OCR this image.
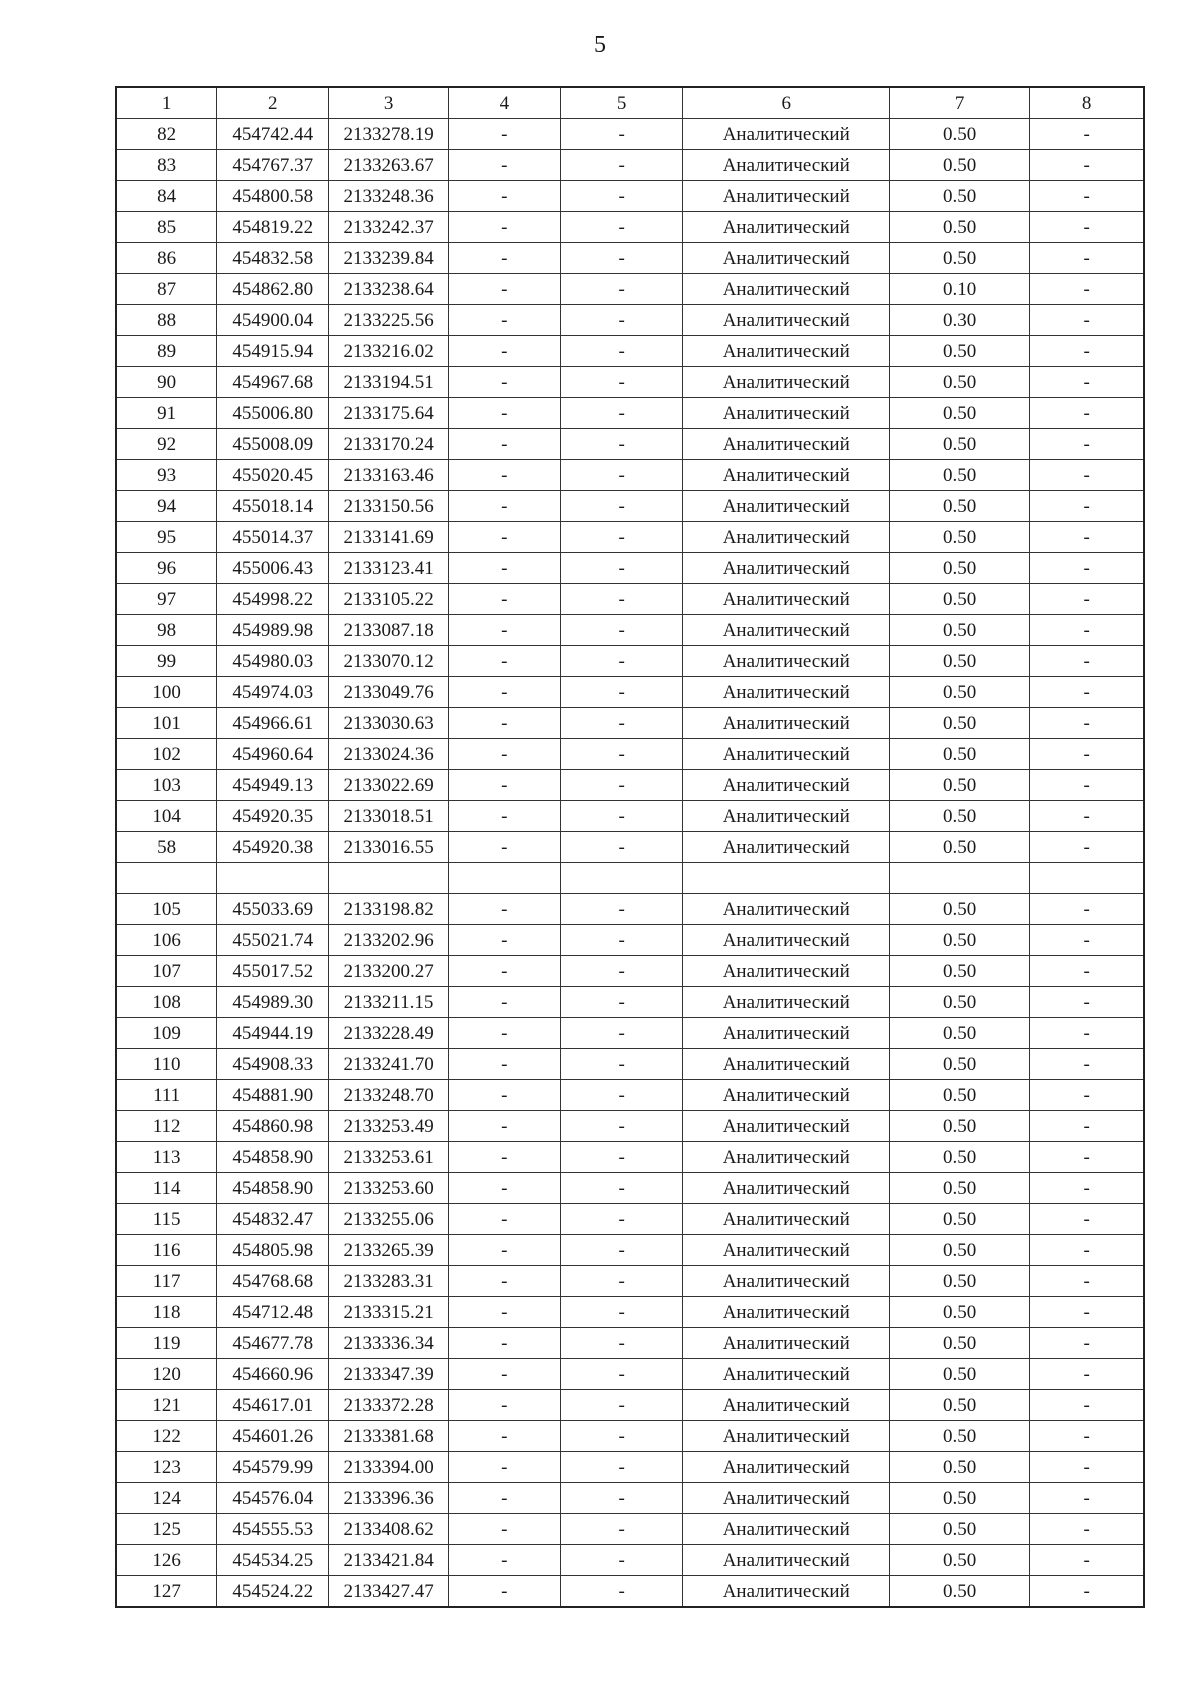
5
1	2	3	4	5	6	7	8
82	454742.44	2133278.19	-	-	Аналитический	0.50	-
83	454767.37	2133263.67	-	-	Аналитический	0.50	-
84	454800.58	2133248.36	-	-	Аналитический	0.50	-
85	454819.22	2133242.37	-	-	Аналитический	0.50	-
86	454832.58	2133239.84	-	-	Аналитический	0.50	-
87	454862.80	2133238.64	-	-	Аналитический	0.10	-
88	454900.04	2133225.56	-	-	Аналитический	0.30	-
89	454915.94	2133216.02	-	-	Аналитический	0.50	-
90	454967.68	2133194.51	-	-	Аналитический	0.50	-
91	455006.80	2133175.64	-	-	Аналитический	0.50	-
92	455008.09	2133170.24	-	-	Аналитический	0.50	-
93	455020.45	2133163.46	-	-	Аналитический	0.50	-
94	455018.14	2133150.56	-	-	Аналитический	0.50	-
95	455014.37	2133141.69	-	-	Аналитический	0.50	-
96	455006.43	2133123.41	-	-	Аналитический	0.50	-
97	454998.22	2133105.22	-	-	Аналитический	0.50	-
98	454989.98	2133087.18	-	-	Аналитический	0.50	-
99	454980.03	2133070.12	-	-	Аналитический	0.50	-
100	454974.03	2133049.76	-	-	Аналитический	0.50	-
101	454966.61	2133030.63	-	-	Аналитический	0.50	-
102	454960.64	2133024.36	-	-	Аналитический	0.50	-
103	454949.13	2133022.69	-	-	Аналитический	0.50	-
104	454920.35	2133018.51	-	-	Аналитический	0.50	-
58	454920.38	2133016.55	-	-	Аналитический	0.50	-

105	455033.69	2133198.82	-	-	Аналитический	0.50	-
106	455021.74	2133202.96	-	-	Аналитический	0.50	-
107	455017.52	2133200.27	-	-	Аналитический	0.50	-
108	454989.30	2133211.15	-	-	Аналитический	0.50	-
109	454944.19	2133228.49	-	-	Аналитический	0.50	-
110	454908.33	2133241.70	-	-	Аналитический	0.50	-
111	454881.90	2133248.70	-	-	Аналитический	0.50	-
112	454860.98	2133253.49	-	-	Аналитический	0.50	-
113	454858.90	2133253.61	-	-	Аналитический	0.50	-
114	454858.90	2133253.60	-	-	Аналитический	0.50	-
115	454832.47	2133255.06	-	-	Аналитический	0.50	-
116	454805.98	2133265.39	-	-	Аналитический	0.50	-
117	454768.68	2133283.31	-	-	Аналитический	0.50	-
118	454712.48	2133315.21	-	-	Аналитический	0.50	-
119	454677.78	2133336.34	-	-	Аналитический	0.50	-
120	454660.96	2133347.39	-	-	Аналитический	0.50	-
121	454617.01	2133372.28	-	-	Аналитический	0.50	-
122	454601.26	2133381.68	-	-	Аналитический	0.50	-
123	454579.99	2133394.00	-	-	Аналитический	0.50	-
124	454576.04	2133396.36	-	-	Аналитический	0.50	-
125	454555.53	2133408.62	-	-	Аналитический	0.50	-
126	454534.25	2133421.84	-	-	Аналитический	0.50	-
127	454524.22	2133427.47	-	-	Аналитический	0.50	-
